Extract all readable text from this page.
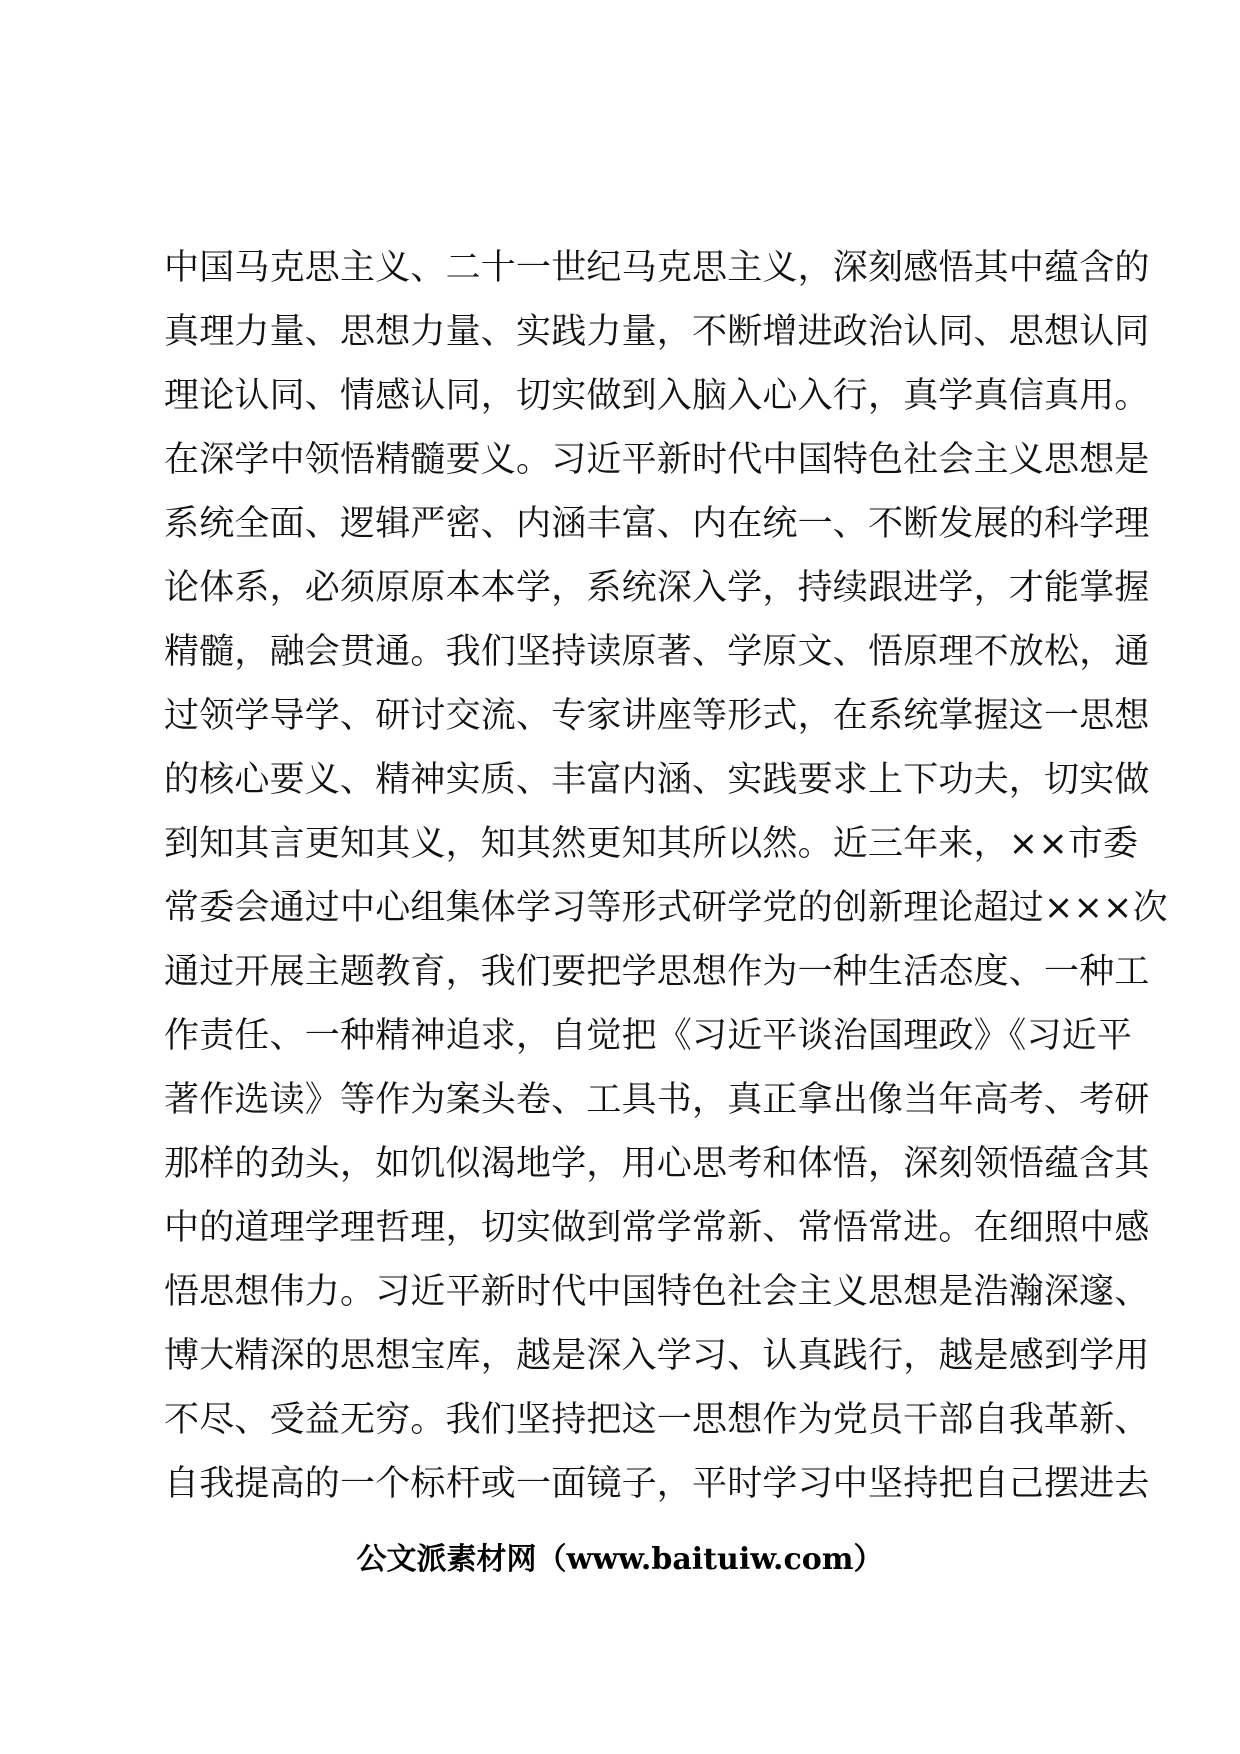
中国马克思主义、二十一世纪马克思主义，深刻感悟其中蕴含的
真理力量、思想力量、实践力量，不断增进政治认同、思想认同
理论认同、情感认同，切实做到入脑入心入行，真学真信真用。
在深学中领悟精髓要义。习近平新时代中国特色社会主义思想是
系统全面、逻辑严密、内涵丰富、内在统一、不断发展的科学理
论体系，必须原原本本学，系统深入学，持续跟进学，才能掌握
精髓，融会贯通。我们坚持读原著、学原文、悟原理不放松，通
过领学导学、研讨交流、专家讲座等形式，在系统掌握这一思想
的核心要义、精神实质、丰富内涵、实践要求上下功夫，切实做
到知其言更知其义，知其然更知其所以然。近三年来，××市委
常委会通过中心组集体学习等形式研学党的创新理论超过×××次
通过开展主题教育，我们要把学思想作为一种生活态度、一种工
作责任、一种精神追求，自觉把《习近平谈治国理政》《习近平
著作选读》等作为案头卷、工具书，真正拿出像当年高考、考研
那样的劲头，如饥似渴地学，用心思考和体悟，深刻领悟蕴含其
中的道理学理哲理，切实做到常学常新、常悟常进。在细照中感
悟思想伟力。习近平新时代中国特色社会主义思想是浩瀚深邃、
博大精深的思想宝库，越是深入学习、认真践行，越是感到学用
不尽、受益无穷。我们坚持把这一思想作为党员干部自我革新、
自我提高的一个标杆或一面镜子，平时学习中坚持把自己摆进去
公文派素材网（www.baituiw.com）
